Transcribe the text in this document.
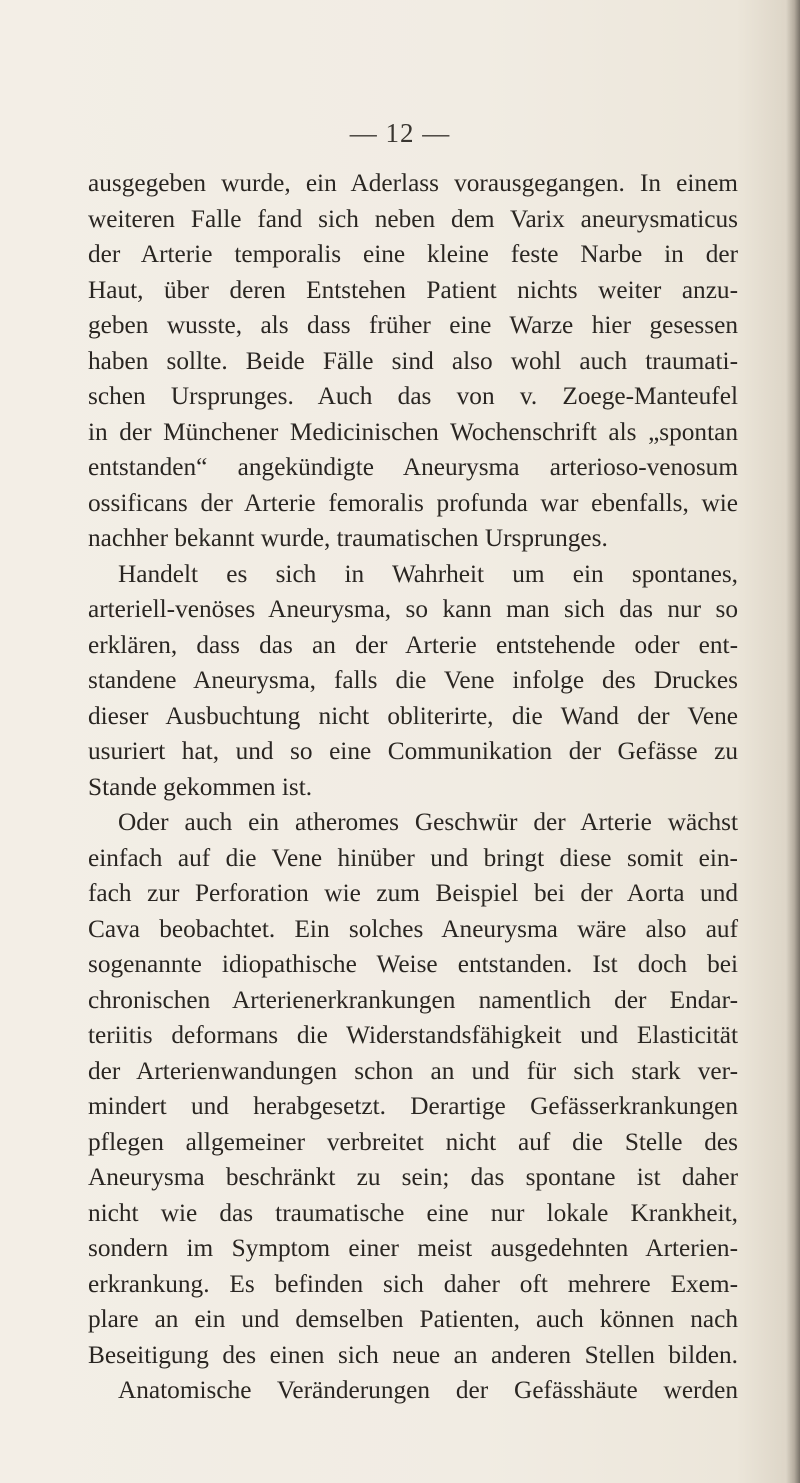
— 12 —
ausgegeben wurde, ein Aderlass vorausgegangen. In einem
weiteren Falle fand sich neben dem Varix aneurysmaticus
der Arterie temporalis eine kleine feste Narbe in der
Haut, über deren Entstehen Patient nichts weiter anzu-
geben wusste, als dass früher eine Warze hier gesessen
haben sollte. Beide Fälle sind also wohl auch traumati-
schen Ursprunges. Auch das von v. Zoege-Manteufel
in der Münchener Medicinischen Wochenschrift als „spontan
entstanden“ angekündigte Aneurysma arterioso-venosum
ossificans der Arterie femoralis profunda war ebenfalls, wie
nachher bekannt wurde, traumatischen Ursprunges.
Handelt es sich in Wahrheit um ein spontanes,
arteriell-venöses Aneurysma, so kann man sich das nur so
erklären, dass das an der Arterie entstehende oder ent-
standene Aneurysma, falls die Vene infolge des Druckes
dieser Ausbuchtung nicht obliterirte, die Wand der Vene
usuriert hat, und so eine Communikation der Gefässe zu
Stande gekommen ist.
Oder auch ein atheromes Geschwür der Arterie wächst
einfach auf die Vene hinüber und bringt diese somit ein-
fach zur Perforation wie zum Beispiel bei der Aorta und
Cava beobachtet. Ein solches Aneurysma wäre also auf
sogenannte idiopathische Weise entstanden. Ist doch bei
chronischen Arterienerkrankungen namentlich der Endar-
teriitis deformans die Widerstandsfähigkeit und Elasticität
der Arterienwandungen schon an und für sich stark ver-
mindert und herabgesetzt. Derartige Gefässerkrankungen
pflegen allgemeiner verbreitet nicht auf die Stelle des
Aneurysma beschränkt zu sein; das spontane ist daher
nicht wie das traumatische eine nur lokale Krankheit,
sondern im Symptom einer meist ausgedehnten Arterien-
erkrankung. Es befinden sich daher oft mehrere Exem-
plare an ein und demselben Patienten, auch können nach
Beseitigung des einen sich neue an anderen Stellen bilden.
Anatomische Veränderungen der Gefässhäute werden
